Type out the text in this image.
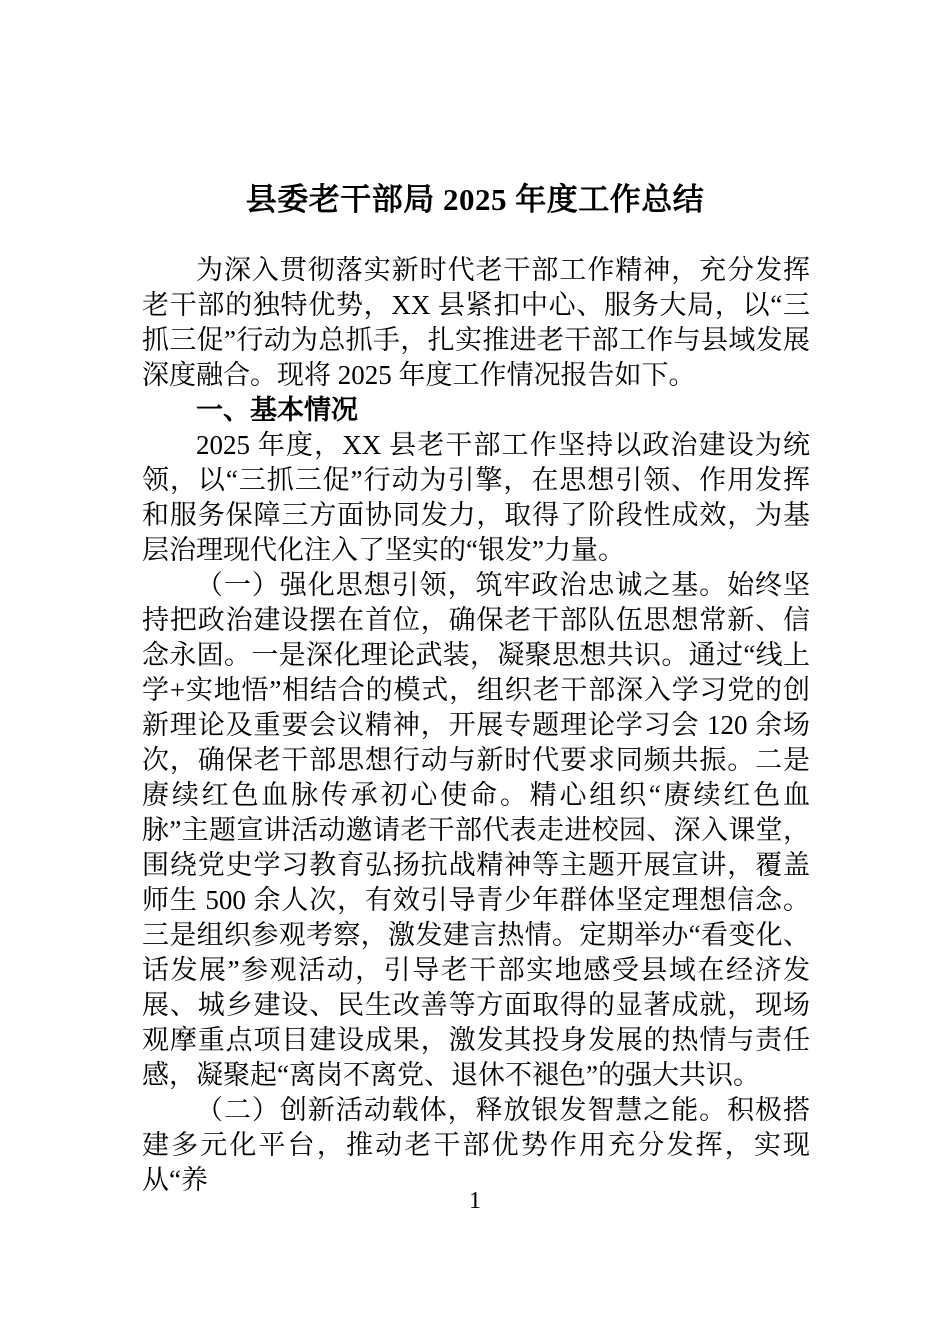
县委老干部局 2025 年度工作总结

为深入贯彻落实新时代老干部工作精神，充分发挥老干部的独特优势，XX 县紧扣中心、服务大局，以“三抓三促”行动为总抓手，扎实推进老干部工作与县域发展深度融合。现将 2025 年度工作情况报告如下。

一、基本情况

2025 年度，XX 县老干部工作坚持以政治建设为统领，以“三抓三促”行动为引擎，在思想引领、作用发挥和服务保障三方面协同发力，取得了阶段性成效，为基层治理现代化注入了坚实的“银发”力量。

（一）强化思想引领，筑牢政治忠诚之基。始终坚持把政治建设摆在首位，确保老干部队伍思想常新、信念永固。一是深化理论武装，凝聚思想共识。通过“线上学+实地悟”相结合的模式，组织老干部深入学习党的创新理论及重要会议精神，开展专题理论学习会 120 余场次，确保老干部思想行动与新时代要求同频共振。二是赓续红色血脉传承初心使命。精心组织“赓续红色血脉”主题宣讲活动邀请老干部代表走进校园、深入课堂，围绕党史学习教育弘扬抗战精神等主题开展宣讲，覆盖师生 500 余人次，有效引导青少年群体坚定理想信念。三是组织参观考察，激发建言热情。定期举办“看变化、话发展”参观活动，引导老干部实地感受县域在经济发展、城乡建设、民生改善等方面取得的显著成就，现场观摩重点项目建设成果，激发其投身发展的热情与责任感，凝聚起“离岗不离党、退休不褪色”的强大共识。

（二）创新活动载体，释放银发智慧之能。积极搭建多元化平台，推动老干部优势作用充分发挥，实现从“养

1
